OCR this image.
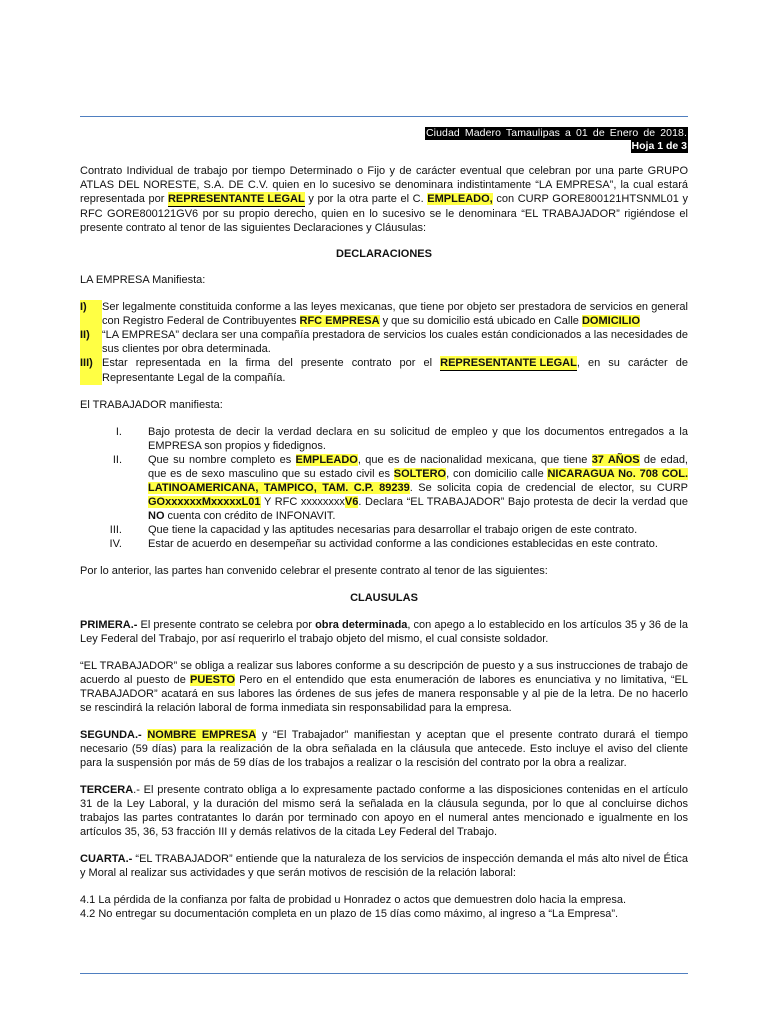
Ciudad Madero Tamaulipas a 01 de Enero de 2018.
Hoja 1 de 3

Contrato Individual de trabajo por tiempo Determinado o Fijo y de carácter eventual que celebran por una parte GRUPO ATLAS DEL NORESTE, S.A. DE C.V. quien en lo sucesivo se denominara indistintamente “LA EMPRESA”, la cual estará representada por REPRESENTANTE LEGAL y por la otra parte el C. EMPLEADO, con CURP GORE800121HTSNML01 y RFC GORE800121GV6 por su propio derecho, quien en lo sucesivo se le denominara “EL TRABAJADOR” rigiéndose el presente contrato al tenor de las siguientes Declaraciones y Cláusulas:

DECLARACIONES

LA EMPRESA Manifiesta:

I)	Ser legalmente constituida conforme a las leyes mexicanas, que tiene por objeto ser prestadora de servicios en general con Registro Federal de Contribuyentes RFC EMPRESA y que su domicilio está ubicado en Calle DOMICILIO
II)	“LA EMPRESA” declara ser una compañía prestadora de servicios los cuales están condicionados a las necesidades de sus clientes por obra determinada.
III) Estar representada en la firma del presente contrato por el REPRESENTANTE LEGAL, en su carácter de Representante Legal de la compañía.

El TRABAJADOR manifiesta:

I.	Bajo protesta de decir la verdad declara en su solicitud de empleo y que los documentos entregados a la EMPRESA son propios y fidedignos.
II.	Que su nombre completo es EMPLEADO, que es de nacionalidad mexicana, que tiene 37 AÑOS de edad, que es de sexo masculino que su estado civil es SOLTERO, con domicilio calle NICARAGUA No. 708 COL. LATINOAMERICANA, TAMPICO, TAM. C.P. 89239. Se solicita copia de credencial de elector, su CURP GOxxxxxxMxxxxxL01 Y RFC xxxxxxxxV6. Declara “EL TRABAJADOR” Bajo protesta de decir la verdad que NO cuenta con crédito de INFONAVIT.
III.	Que tiene la capacidad y las aptitudes necesarias para desarrollar el trabajo origen de este contrato.
IV.	Estar de acuerdo en desempeñar su actividad conforme a las condiciones establecidas en este contrato.

Por lo anterior, las partes han convenido celebrar el presente contrato al tenor de las siguientes:

CLAUSULAS

PRIMERA.- El presente contrato se celebra por obra determinada, con apego a lo establecido en los artículos 35 y 36 de la Ley Federal del Trabajo, por así requerirlo el trabajo objeto del mismo, el cual consiste soldador.

“EL TRABAJADOR” se obliga a realizar sus labores conforme a su descripción de puesto y a sus instrucciones de trabajo de acuerdo al puesto de PUESTO Pero en el entendido que esta enumeración de labores es enunciativa y no limitativa, “EL TRABAJADOR” acatará en sus labores las órdenes de sus jefes de manera responsable y al pie de la letra. De no hacerlo se rescindirá la relación laboral de forma inmediata sin responsabilidad para la empresa.

SEGUNDA.- NOMBRE EMPRESA y “El Trabajador” manifiestan y aceptan que el presente contrato durará el tiempo necesario (59 días) para la realización de la obra señalada en la cláusula que antecede. Esto incluye el aviso del cliente para la suspensión por más de 59 días de los trabajos a realizar o la rescisión del contrato por la obra a realizar.

TERCERA.- El presente contrato obliga a lo expresamente pactado conforme a las disposiciones contenidas en el artículo 31 de la Ley Laboral, y la duración del mismo será la señalada en la cláusula segunda, por lo que al concluirse dichos trabajos las partes contratantes lo darán por terminado con apoyo en el numeral antes mencionado e igualmente en los artículos 35, 36, 53 fracción III y demás relativos de la citada Ley Federal del Trabajo.

CUARTA.- “EL TRABAJADOR” entiende que la naturaleza de los servicios de inspección demanda el más alto nivel de Ética y Moral al realizar sus actividades y que serán motivos de rescisión de la relación laboral:

4.1 La pérdida de la confianza por falta de probidad u Honradez o actos que demuestren dolo hacia la empresa.

4.2 No entregar su documentación completa en un plazo de 15 días como máximo, al ingreso a “La Empresa”.
